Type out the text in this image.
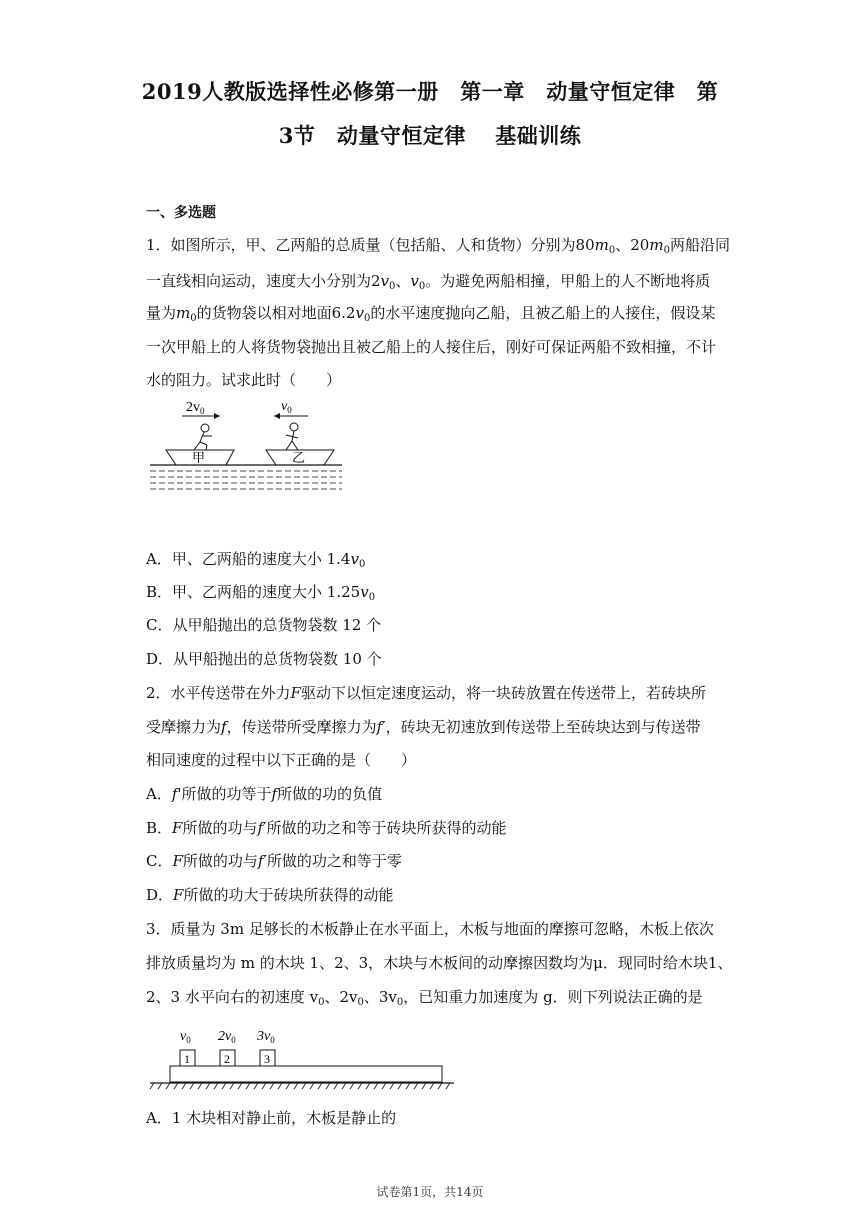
2019人教版选择性必修第一册　第一章　动量守恒定律　第
3节　动量守恒定律　 基础训练
一、多选题
1．如图所示，甲、乙两船的总质量（包括船、人和货物）分别为$80m_0$、$20m_0$两船沿同
一直线相向运动，速度大小分别为$2v_0$、$v_0$。为避免两船相撞，甲船上的人不断地将质
量为$m_0$的货物袋以相对地面$6.2v_0$的水平速度抛向乙船，且被乙船上的人接住，假设某
一次甲船上的人将货物袋抛出且被乙船上的人接住后，刚好可保证两船不致相撞，不计
水的阻力。试求此时（　　）
$2v_0$	$v_0$
甲	乙
A．甲、乙两船的速度大小 $1.4v_0$
B．甲、乙两船的速度大小 $1.25v_0$
C．从甲船抛出的总货物袋数 12 个
D．从甲船抛出的总货物袋数 10 个
2．水平传送带在外力F驱动下以恒定速度运动，将一块砖放置在传送带上，若砖块所
受摩擦力为f，传送带所受摩擦力为f′，砖块无初速放到传送带上至砖块达到与传送带
相同速度的过程中以下正确的是（　　）
A．f'所做的功等于f所做的功的负值
B．F所做的功与f′所做的功之和等于砖块所获得的动能
C．F所做的功与f′所做的功之和等于零
D．F所做的功大于砖块所获得的动能
3．质量为 3m 足够长的木板静止在水平面上，木板与地面的摩擦可忽略，木板上依次
排放质量均为 m 的木块 1、2、3，木块与木板间的动摩擦因数均为μ．现同时给木块1、
2、3 水平向右的初速度 $v_0$、$2v_0$、$3v_0$，已知重力加速度为 g．则下列说法正确的是
$v_0$ $2v_0$ $3v_0$
1	2	3
A．1 木块相对静止前，木板是静止的
试卷第1页，共14页
